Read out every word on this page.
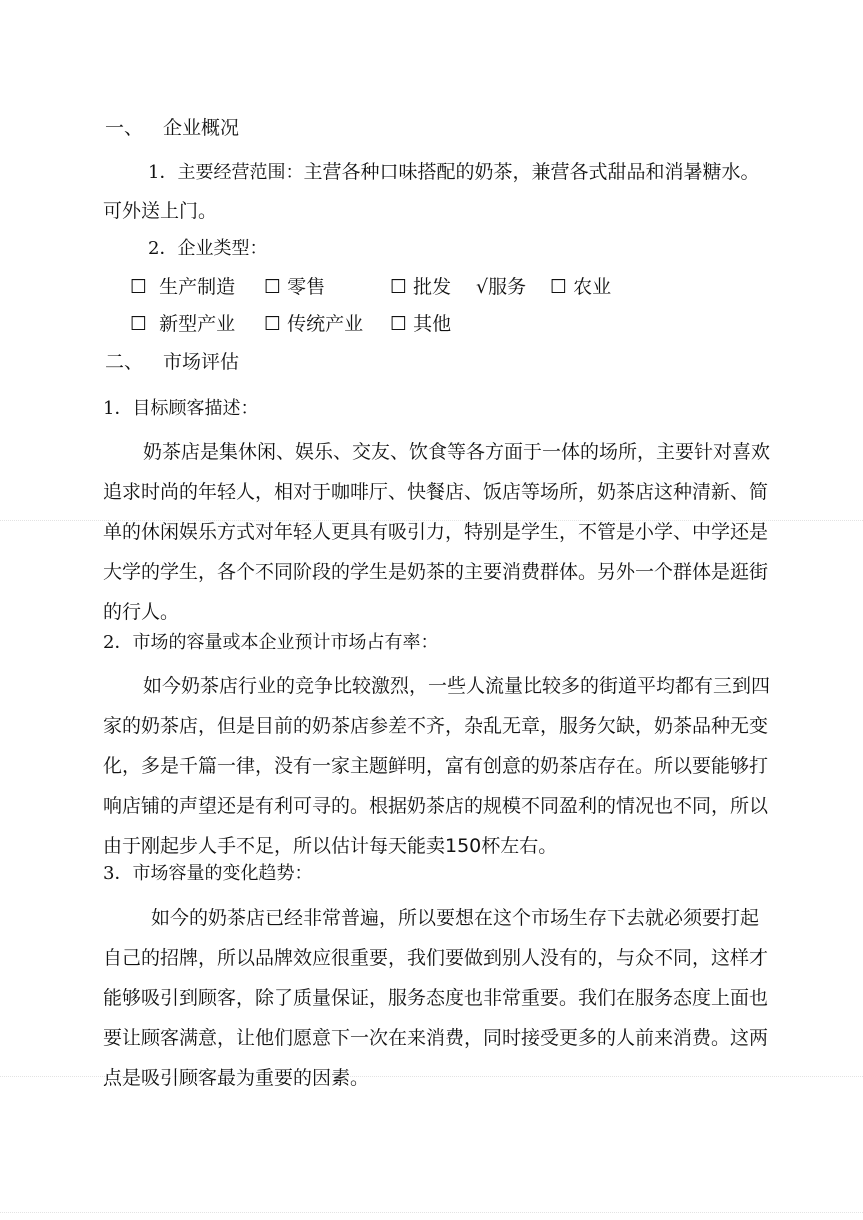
一、 企业概况
1．主要经营范围：主营各种口味搭配的奶茶，兼营各式甜品和消暑糖水。
可外送上门。
2．企业类型：
☐ 生产制造 ☐ 零售	☐ 批发 √服务 ☐ 农业
☐ 新型产业 ☐ 传统产业 ☐ 其他
二、 市场评估
1．目标顾客描述：
奶茶店是集休闲、娱乐、交友、饮食等各方面于一体的场所，主要针对喜欢
追求时尚的年轻人，相对于咖啡厅、快餐店、饭店等场所，奶茶店这种清新、简
单的休闲娱乐方式对年轻人更具有吸引力，特别是学生，不管是小学、中学还是
大学的学生，各个不同阶段的学生是奶茶的主要消费群体。另外一个群体是逛街
的行人。
2．市场的容量或本企业预计市场占有率：
如今奶茶店行业的竞争比较激烈，一些人流量比较多的街道平均都有三到四
家的奶茶店，但是目前的奶茶店参差不齐，杂乱无章，服务欠缺，奶茶品种无变
化，多是千篇一律，没有一家主题鲜明，富有创意的奶茶店存在。所以要能够打
响店铺的声望还是有利可寻的。根据奶茶店的规模不同盈利的情况也不同，所以
由于刚起步人手不足，所以估计每天能卖150杯左右。
3．市场容量的变化趋势：
如今的奶茶店已经非常普遍，所以要想在这个市场生存下去就必须要打起
自己的招牌，所以品牌效应很重要，我们要做到别人没有的，与众不同，这样才
能够吸引到顾客，除了质量保证，服务态度也非常重要。我们在服务态度上面也
要让顾客满意，让他们愿意下一次在来消费，同时接受更多的人前来消费。这两
点是吸引顾客最为重要的因素。
